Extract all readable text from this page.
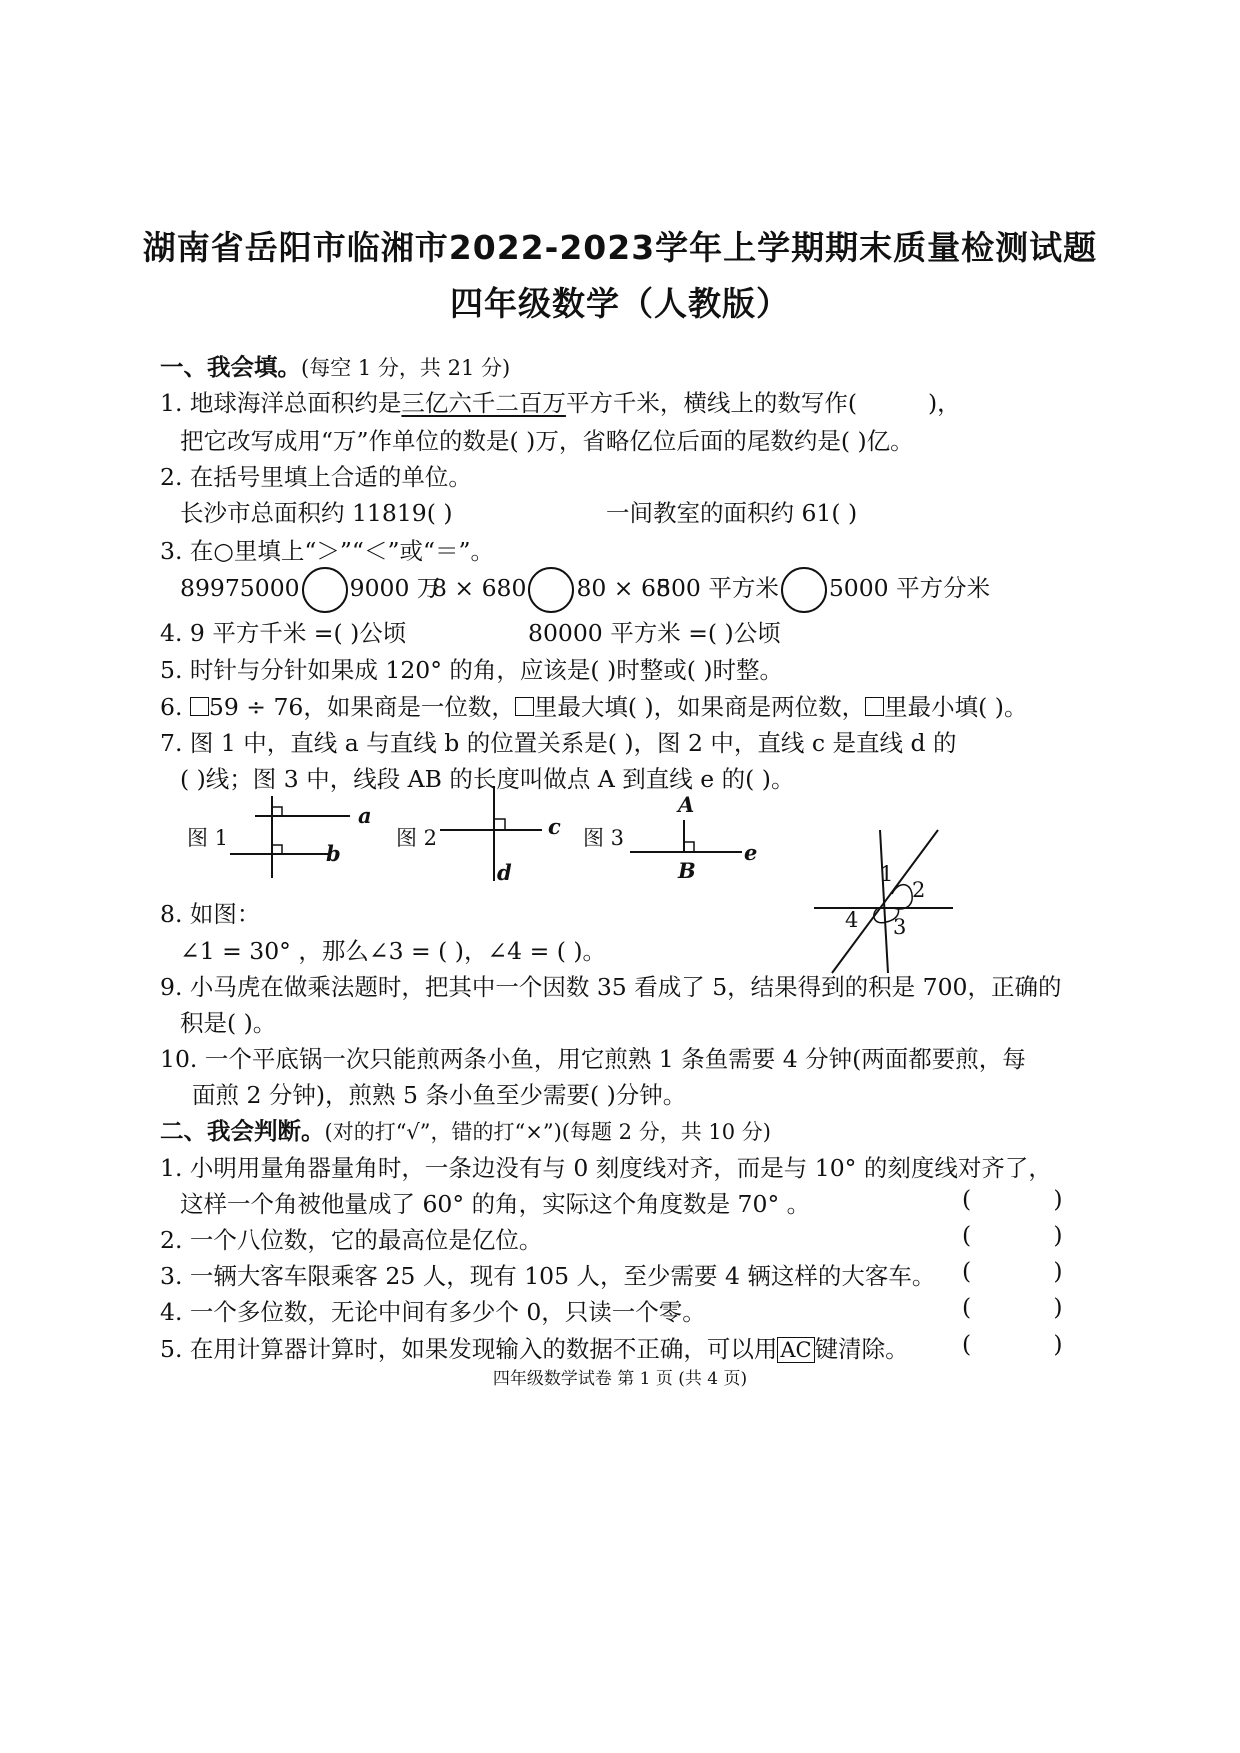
湖南省岳阳市临湘市2022-2023学年上学期期末质量检测试题
四年级数学（人教版）
一、我会填。(每空 1 分，共 21 分)
1. 地球海洋总面积约是三亿六千二百万平方千米，横线上的数写作(	)，
把它改写成用“万”作单位的数是( )万，省略亿位后面的尾数约是( )亿。
2. 在括号里填上合适的单位。
长沙市总面积约 11819( )	一间教室的面积约 61( )
3. 在○里填上“＞”“＜”或“＝”。
89975000 9000 万
8 × 680 80 × 68
500 平方米 5000 平方分米
4. 9 平方千米 =( )公顷	80000 平方米 =( )公顷
5. 时针与分针如果成 120° 的角，应该是( )时整或( )时整。
6. 59 ÷ 76，如果商是一位数， 里最大填( )，如果商是两位数， 里最小填( )。
7. 图 1 中，直线 a 与直线 b 的位置关系是( )，图 2 中，直线 c 是直线 d 的
( )线；图 3 中，线段 AB 的长度叫做点 A 到直线 e 的( )。
图 1
a
b
图 2	c
d
图 3
A
B
e
1
2
3
4
8. 如图：
∠1 = 30° ，那么∠3 = ( )，∠4 = ( )。
9. 小马虎在做乘法题时，把其中一个因数 35 看成了 5，结果得到的积是 700，正确的
积是( )。
10. 一个平底锅一次只能煎两条小鱼，用它煎熟 1 条鱼需要 4 分钟(两面都要煎，每
面煎 2 分钟)，煎熟 5 条小鱼至少需要( )分钟。
二、我会判断。(对的打“√”，错的打“×”)(每题 2 分，共 10 分)
1. 小明用量角器量角时，一条边没有与 0 刻度线对齐，而是与 10° 的刻度线对齐了，
这样一个角被他量成了 60° 的角，实际这个角度数是 70° 。	(           )
2. 一个八位数，它的最高位是亿位。	(           )
3. 一辆大客车限乘客 25 人，现有 105 人，至少需要 4 辆这样的大客车。 (           )
4. 一个多位数，无论中间有多少个 0，只读一个零。	(           )
5. 在用计算器计算时，如果发现输入的数据不正确，可以用 AC 键清除。 (           )
四年级数学试卷 第 1 页 (共 4 页)
